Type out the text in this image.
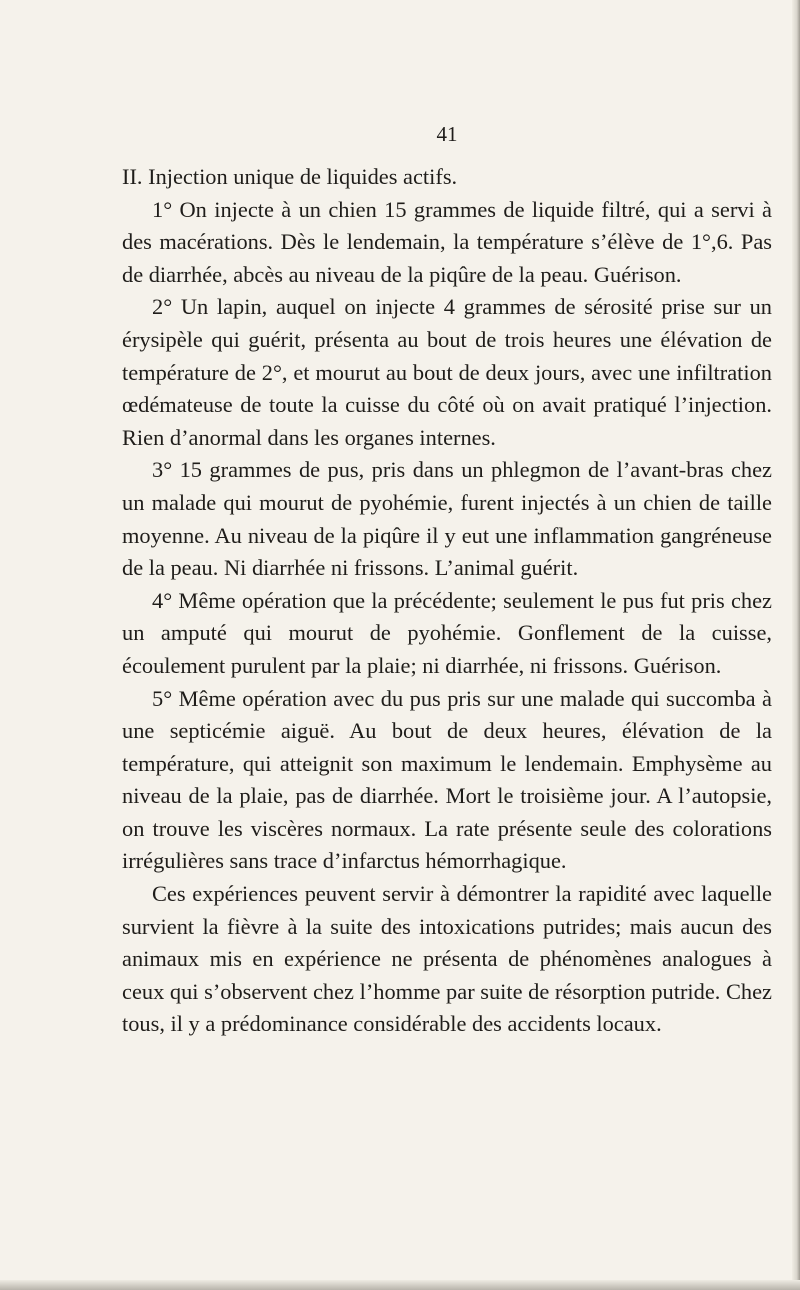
41

II. Injection unique de liquides actifs.

1° On injecte à un chien 15 grammes de liquide filtré, qui a servi à des macérations. Dès le lendemain, la température s’élève de 1°,6. Pas de diarrhée, abcès au niveau de la piqûre de la peau. Guérison.

2° Un lapin, auquel on injecte 4 grammes de sérosité prise sur un érysipèle qui guérit, présenta au bout de trois heures une élévation de température de 2°, et mourut au bout de deux jours, avec une infiltration œdémateuse de toute la cuisse du côté où on avait pratiqué l’injection. Rien d’anormal dans les organes internes.

3° 15 grammes de pus, pris dans un phlegmon de l’avant-bras chez un malade qui mourut de pyohémie, furent injectés à un chien de taille moyenne. Au niveau de la piqûre il y eut une inflammation gangréneuse de la peau. Ni diarrhée ni frissons. L’animal guérit.

4° Même opération que la précédente; seulement le pus fut pris chez un amputé qui mourut de pyohémie. Gonflement de la cuisse, écoulement purulent par la plaie; ni diarrhée, ni frissons. Guérison.

5° Même opération avec du pus pris sur une malade qui succomba à une septicémie aiguë. Au bout de deux heures, élévation de la température, qui atteignit son maximum le lendemain. Emphysème au niveau de la plaie, pas de diarrhée. Mort le troisième jour. A l’autopsie, on trouve les viscères normaux. La rate présente seule des colorations irrégulières sans trace d’infarctus hémorrhagique.

Ces expériences peuvent servir à démontrer la rapidité avec laquelle survient la fièvre à la suite des intoxications putrides; mais aucun des animaux mis en expérience ne présenta de phénomènes analogues à ceux qui s’observent chez l’homme par suite de résorption putride. Chez tous, il y a prédominance considérable des accidents locaux.
